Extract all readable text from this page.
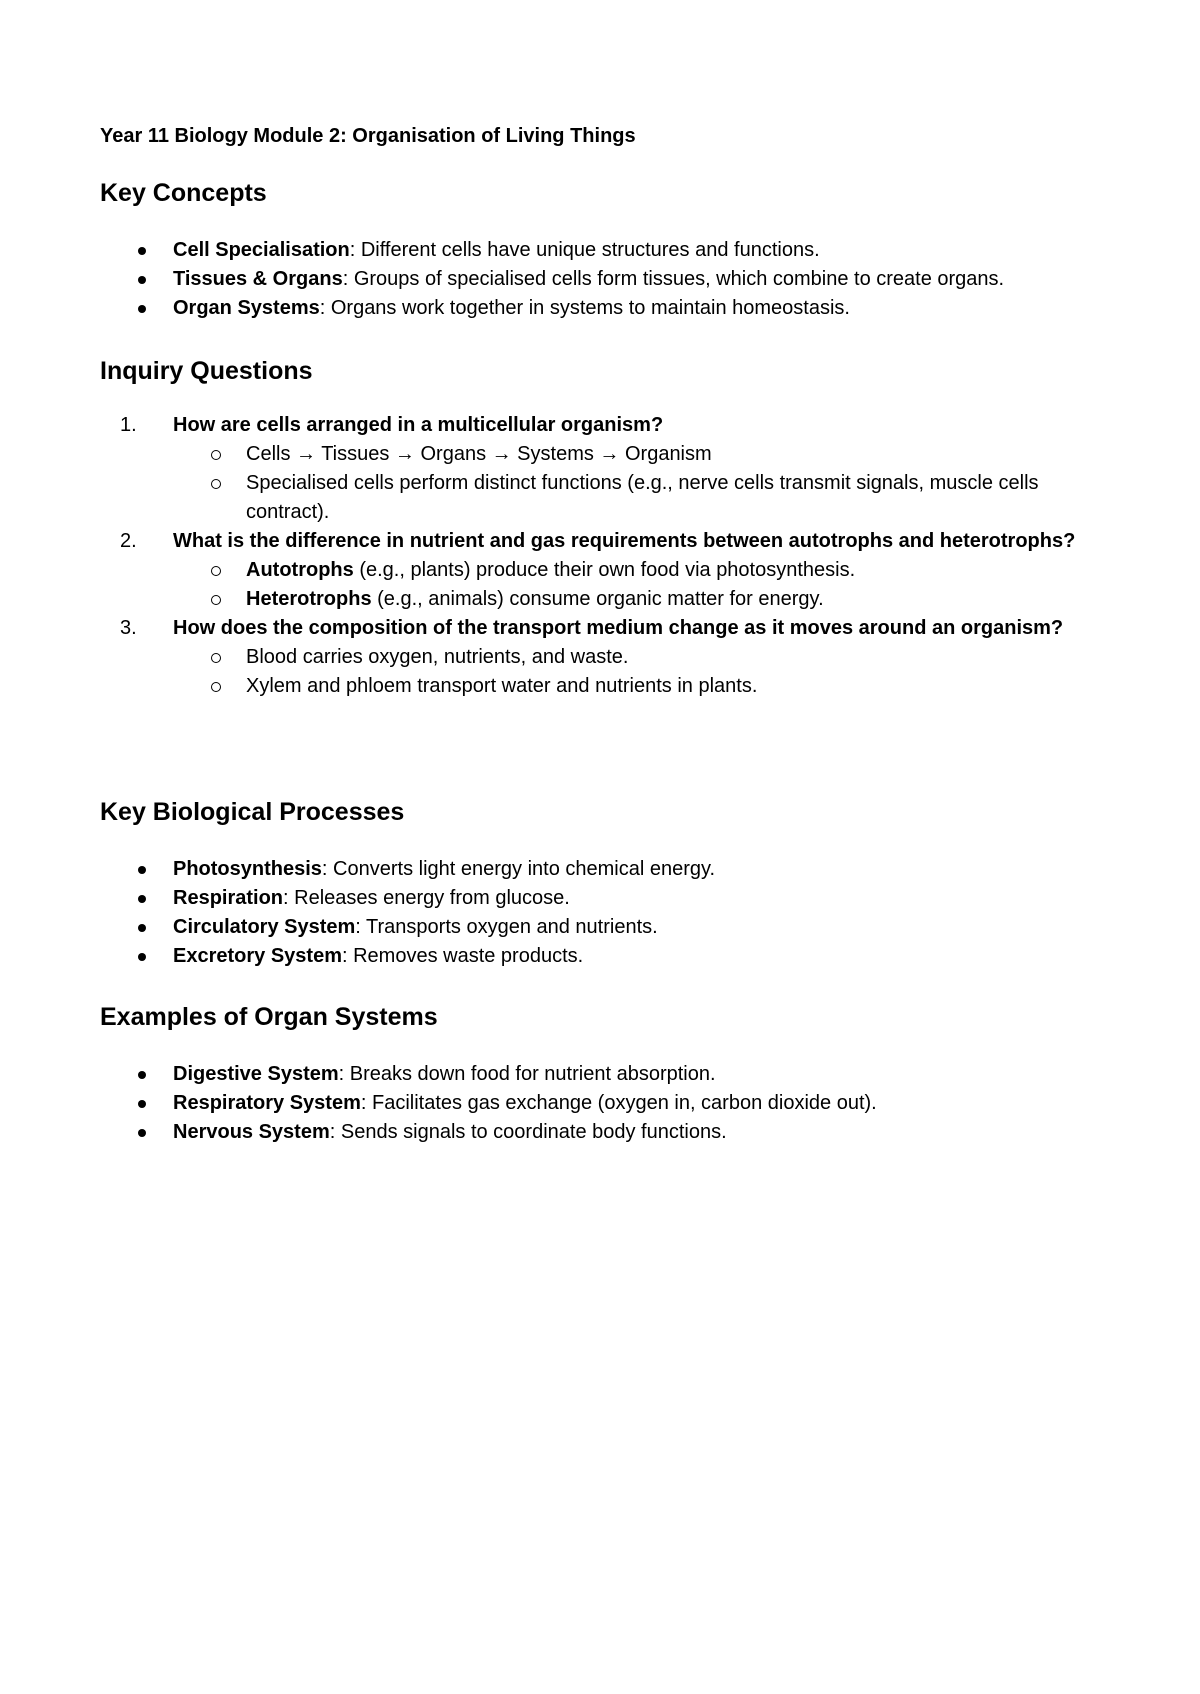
Year 11 Biology Module 2: Organisation of Living Things
Key Concepts
Cell Specialisation: Different cells have unique structures and functions.
Tissues & Organs: Groups of specialised cells form tissues, which combine to create organs.
Organ Systems: Organs work together in systems to maintain homeostasis.
Inquiry Questions
1.	How are cells arranged in a multicellular organism?
Cells → Tissues → Organs → Systems → Organism
Specialised cells perform distinct functions (e.g., nerve cells transmit signals, muscle cells contract).
2.	What is the difference in nutrient and gas requirements between autotrophs and heterotrophs?
Autotrophs (e.g., plants) produce their own food via photosynthesis.
Heterotrophs (e.g., animals) consume organic matter for energy.
3.	How does the composition of the transport medium change as it moves around an organism?
Blood carries oxygen, nutrients, and waste.
Xylem and phloem transport water and nutrients in plants.
Key Biological Processes
Photosynthesis: Converts light energy into chemical energy.
Respiration: Releases energy from glucose.
Circulatory System: Transports oxygen and nutrients.
Excretory System: Removes waste products.
Examples of Organ Systems
Digestive System: Breaks down food for nutrient absorption.
Respiratory System: Facilitates gas exchange (oxygen in, carbon dioxide out).
Nervous System: Sends signals to coordinate body functions.
